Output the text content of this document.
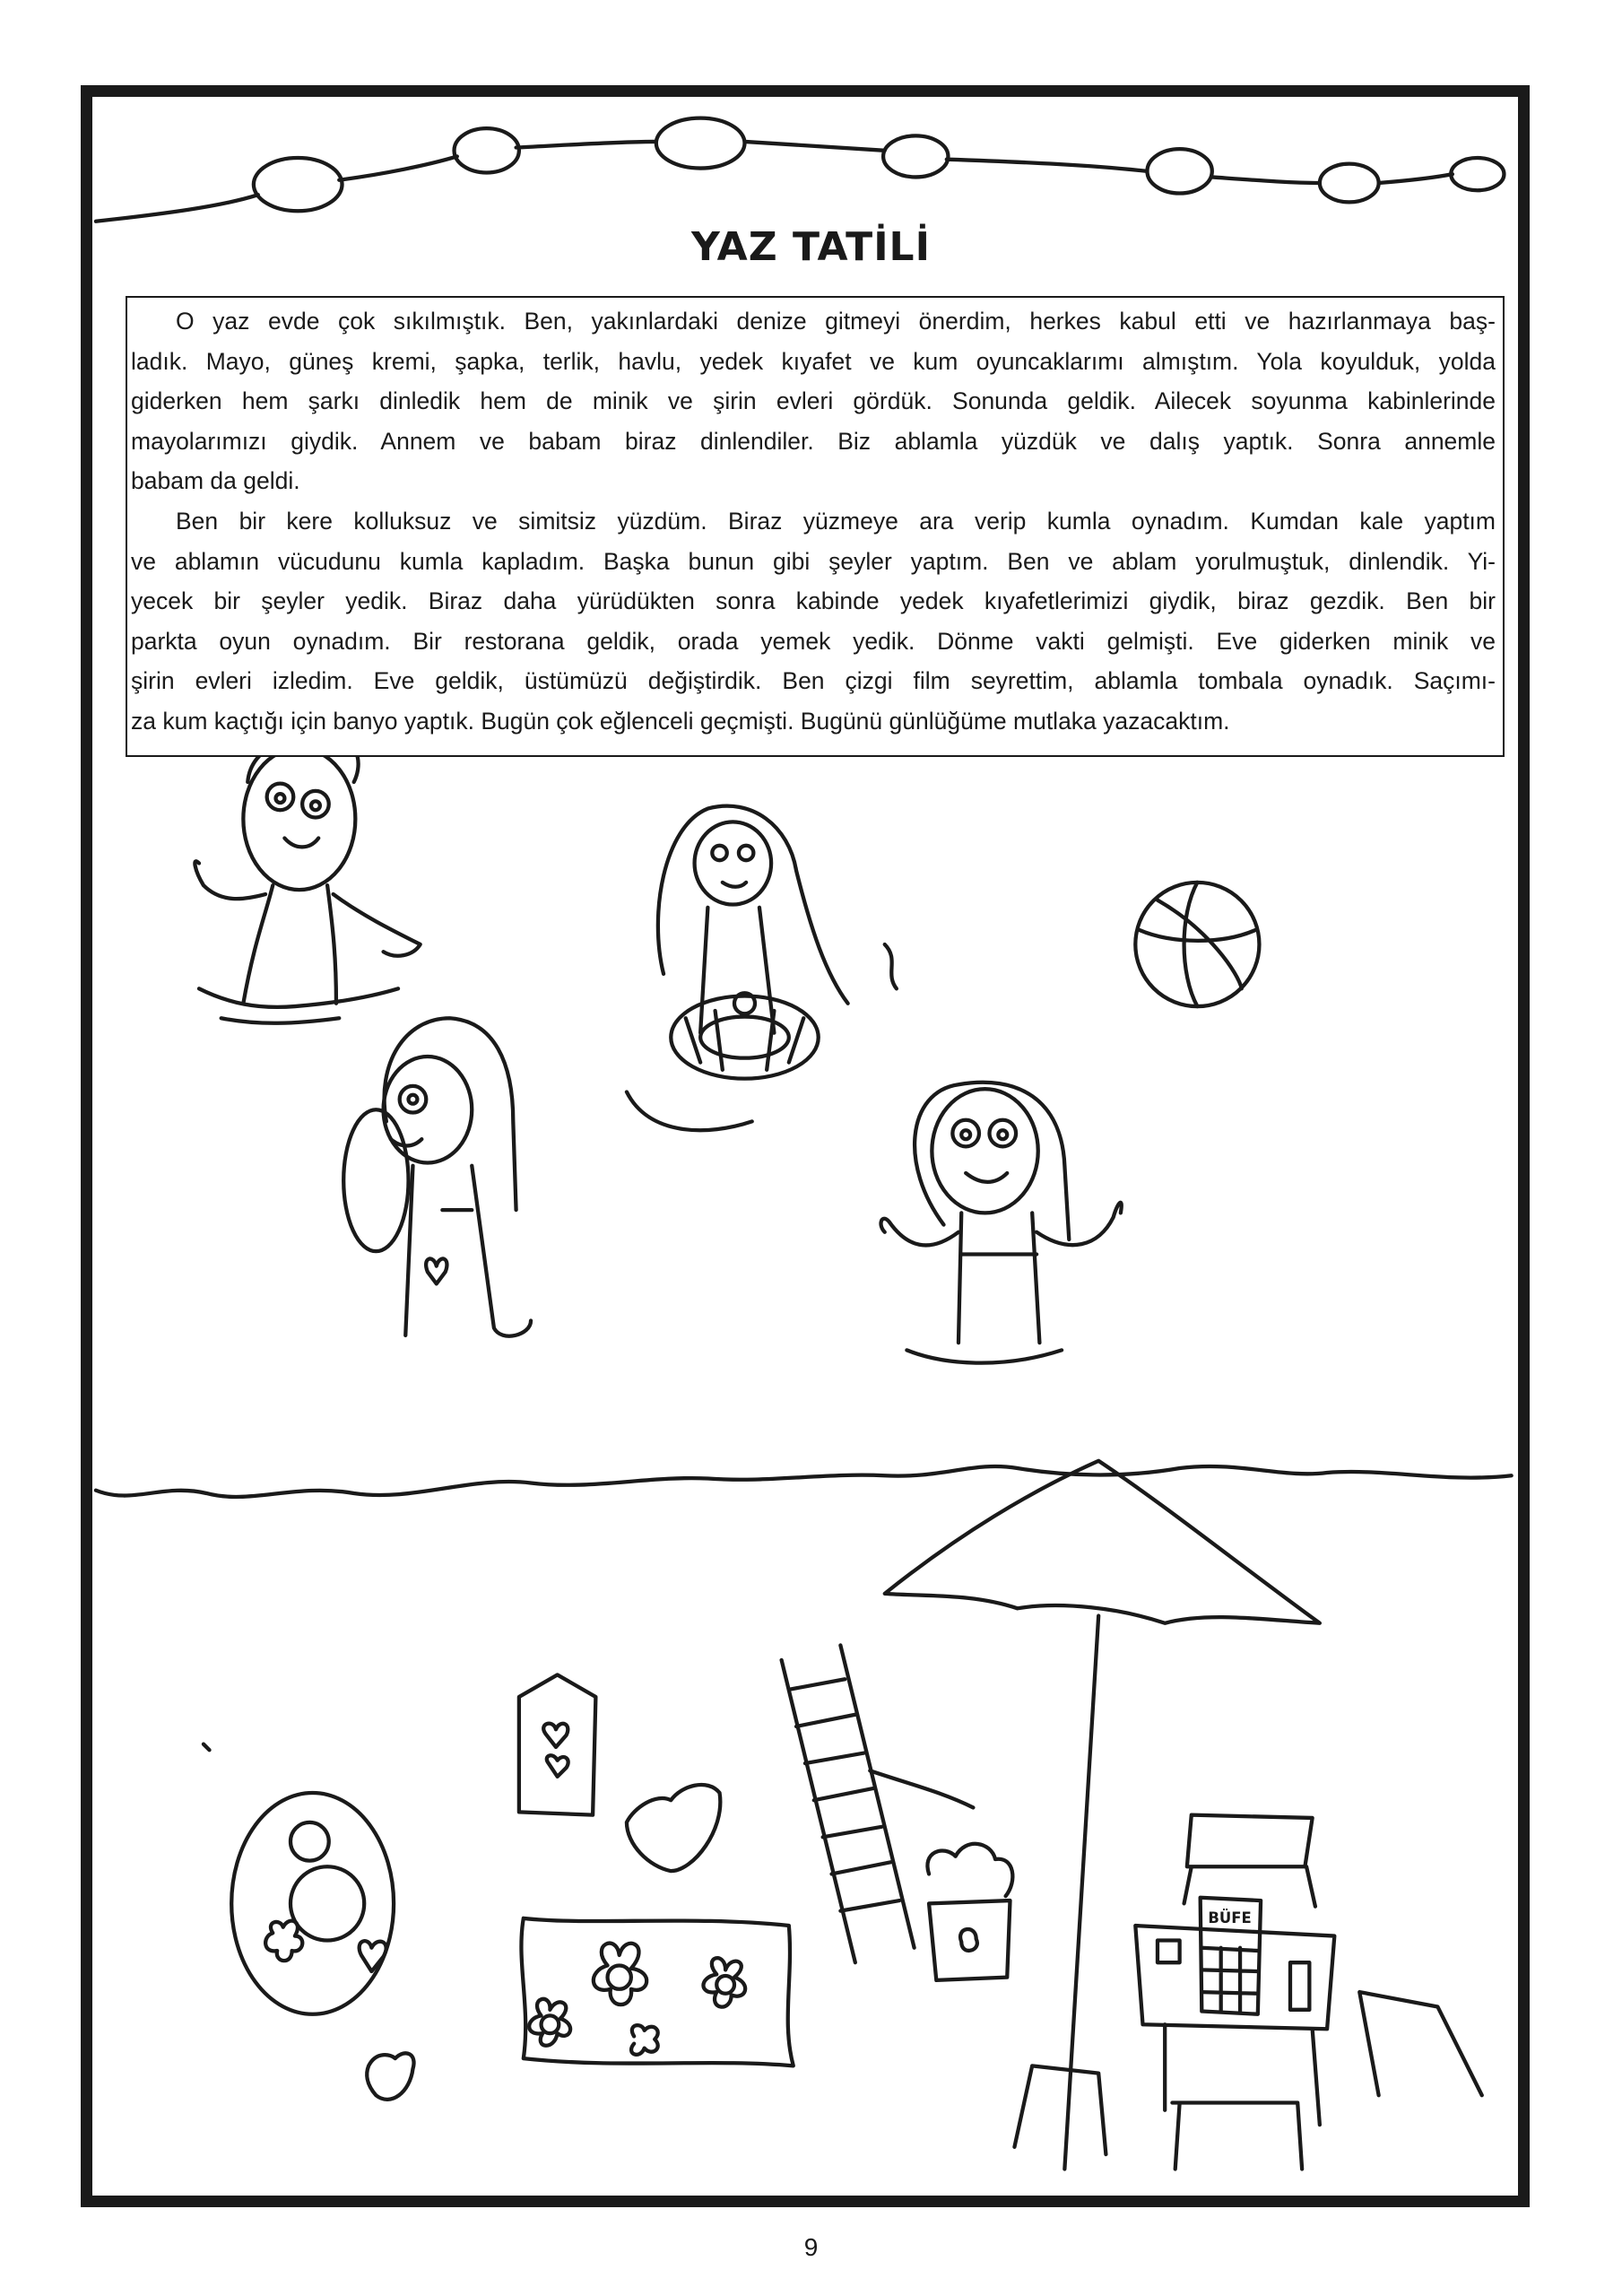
BÜFE
YAZ TATİLİ
O yaz evde çok sıkılmıştık. Ben, yakınlardaki denize gitmeyi önerdim, herkes kabul etti ve hazırlanmaya baş-
ladık. Mayo, güneş kremi, şapka, terlik, havlu, yedek kıyafet ve kum oyuncaklarımı almıştım. Yola koyulduk, yolda
giderken hem şarkı dinledik hem de minik ve şirin evleri gördük. Sonunda geldik. Ailecek soyunma kabinlerinde
mayolarımızı giydik. Annem ve babam biraz dinlendiler. Biz ablamla yüzdük ve dalış yaptık. Sonra annemle
babam da geldi.
Ben bir kere kolluksuz ve simitsiz yüzdüm. Biraz yüzmeye ara verip kumla oynadım. Kumdan kale yaptım
ve ablamın vücudunu kumla kapladım. Başka bunun gibi şeyler yaptım. Ben ve ablam yorulmuştuk, dinlendik. Yi-
yecek bir şeyler yedik. Biraz daha yürüdükten sonra kabinde yedek kıyafetlerimizi giydik, biraz gezdik. Ben bir
parkta oyun oynadım. Bir restorana geldik, orada yemek yedik. Dönme vakti gelmişti. Eve giderken minik ve
şirin evleri izledim. Eve geldik, üstümüzü değiştirdik. Ben çizgi film seyrettim, ablamla tombala oynadık. Saçımı-
za kum kaçtığı için banyo yaptık. Bugün çok eğlenceli geçmişti. Bugünü günlüğüme mutlaka yazacaktım.
9
